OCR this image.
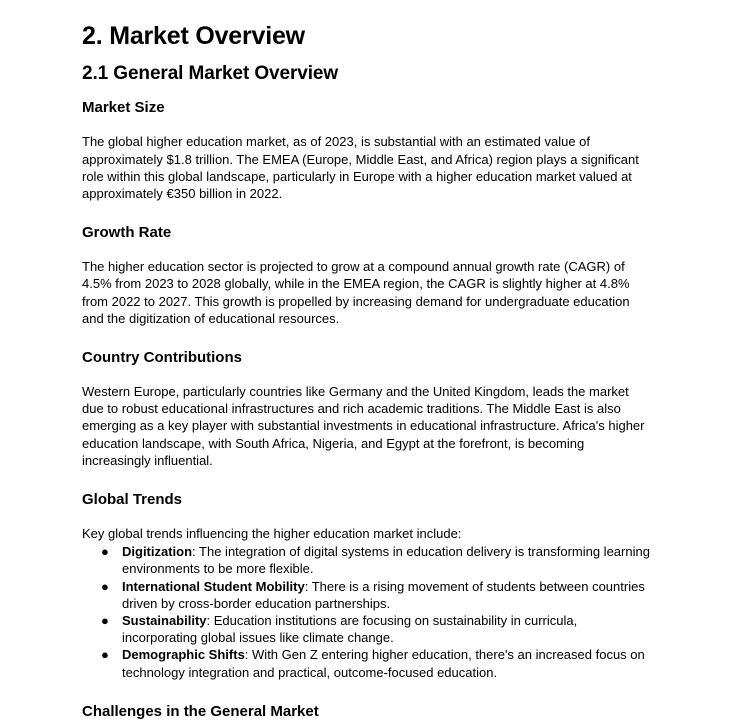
2. Market Overview
2.1 General Market Overview
Market Size

The global higher education market, as of 2023, is substantial with an estimated value of approximately $1.8 trillion. The EMEA (Europe, Middle East, and Africa) region plays a significant role within this global landscape, particularly in Europe with a higher education market valued at approximately €350 billion in 2022.

Growth Rate

The higher education sector is projected to grow at a compound annual growth rate (CAGR) of 4.5% from 2023 to 2028 globally, while in the EMEA region, the CAGR is slightly higher at 4.8% from 2022 to 2027. This growth is propelled by increasing demand for undergraduate education and the digitization of educational resources.

Country Contributions

Western Europe, particularly countries like Germany and the United Kingdom, leads the market due to robust educational infrastructures and rich academic traditions. The Middle East is also emerging as a key player with substantial investments in educational infrastructure. Africa's higher education landscape, with South Africa, Nigeria, and Egypt at the forefront, is becoming increasingly influential.

Global Trends

Key global trends influencing the higher education market include:

● Digitization: The integration of digital systems in education delivery is transforming learning environments to be more flexible.
● International Student Mobility: There is a rising movement of students between countries driven by cross-border education partnerships.
● Sustainability: Education institutions are focusing on sustainability in curricula, incorporating global issues like climate change.
● Demographic Shifts: With Gen Z entering higher education, there's an increased focus on technology integration and practical, outcome-focused education.
Challenges in the General Market
